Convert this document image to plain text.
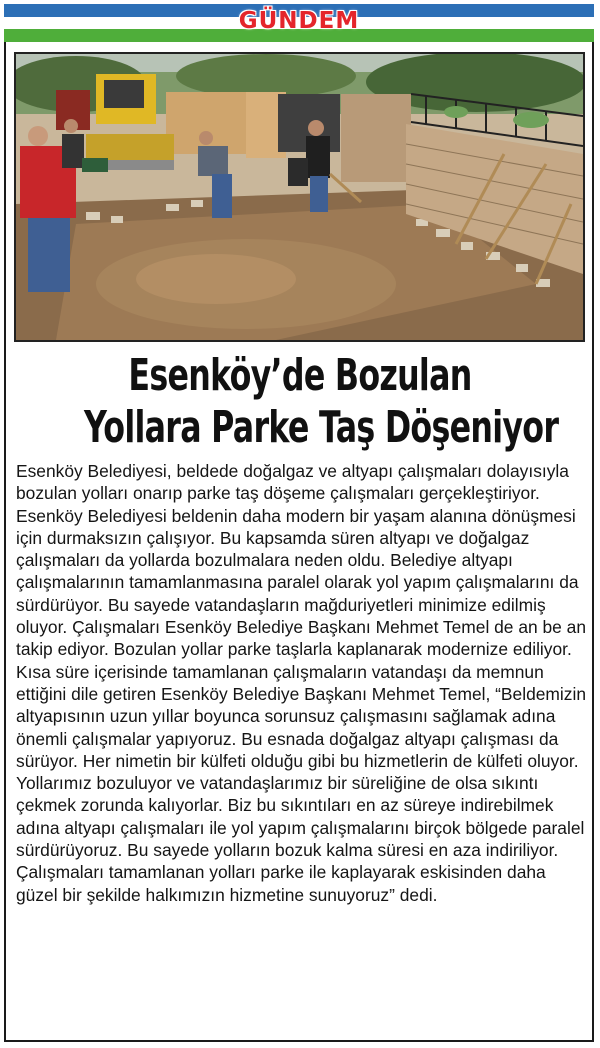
GÜNDEM
Esenköy’de Bozulan
Yollara Parke Taş Döşeniyor

Esenköy Belediyesi, beldede doğalgaz ve altyapı çalışmaları dolayısıyla bozulan yolları onarıp parke taş döşeme çalışmaları gerçekleştiriyor.

Esenköy Belediyesi beldenin daha modern bir yaşam alanına dönüşmesi için durmaksızın çalışıyor. Bu kapsamda süren altyapı ve doğalgaz çalışmaları da yollarda bozulmalara neden oldu. Belediye altyapı çalışmalarının tamamlanmasına paralel olarak yol yapım çalışmalarını da sürdürüyor. Bu sayede vatandaşların mağduriyetleri minimize edilmiş oluyor. Çalışmaları Esenköy Belediye Başkanı Mehmet Temel de an be an takip ediyor. Bozulan yollar parke taşlarla kaplanarak modernize ediliyor. Kısa süre içerisinde tamamlanan çalışmaların vatandaşı da memnun ettiğini dile getiren Esenköy Belediye Başkanı Mehmet Temel, “Beldemizin altyapısının uzun yıllar boyunca sorunsuz çalışmasını sağlamak adına önemli çalışmalar yapıyoruz. Bu esnada doğalgaz altyapı çalışması da sürüyor. Her nimetin bir külfeti olduğu gibi bu hizmetlerin de külfeti oluyor. Yollarımız bozuluyor ve vatandaşlarımız bir süreliğine de olsa sıkıntı çekmek zorunda kalıyorlar. Biz bu sıkıntıları en az süreye indirebilmek adına altyapı çalışmaları ile yol yapım çalışmalarını birçok bölgede paralel sürdürüyoruz. Bu sayede yolların bozuk kalma süresi en aza indiriliyor. Çalışmaları tamamlanan yolları parke ile kaplayarak eskisinden daha güzel bir şekilde halkımızın hizmetine sunuyoruz” dedi.
